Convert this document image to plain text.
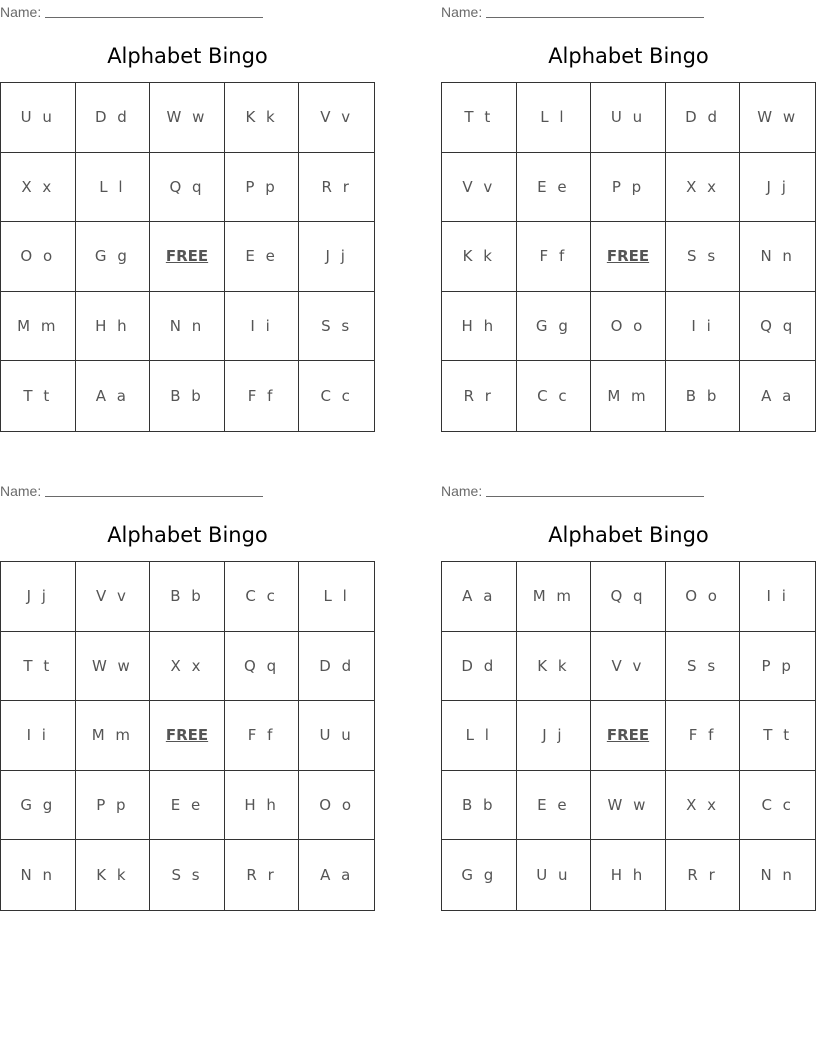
Name:
Alphabet Bingo
U u	D d	W w	K k	V v
X x	L l	Q q	P p	R r
O o	G g	FREE	E e	J j
M m	H h	N n	I i	S s
T t	A a	B b	F f	C c
Name:
Alphabet Bingo
T t	L l	U u	D d	W w
V v	E e	P p	X x	J j
K k	F f	FREE	S s	N n
H h	G g	O o	I i	Q q
R r	C c	M m	B b	A a
Name:
Alphabet Bingo
J j	V v	B b	C c	L l
T t	W w	X x	Q q	D d
I i	M m	FREE	F f	U u
G g	P p	E e	H h	O o
N n	K k	S s	R r	A a
Name:
Alphabet Bingo
A a	M m	Q q	O o	I i
D d	K k	V v	S s	P p
L l	J j	FREE	F f	T t
B b	E e	W w	X x	C c
G g	U u	H h	R r	N n
